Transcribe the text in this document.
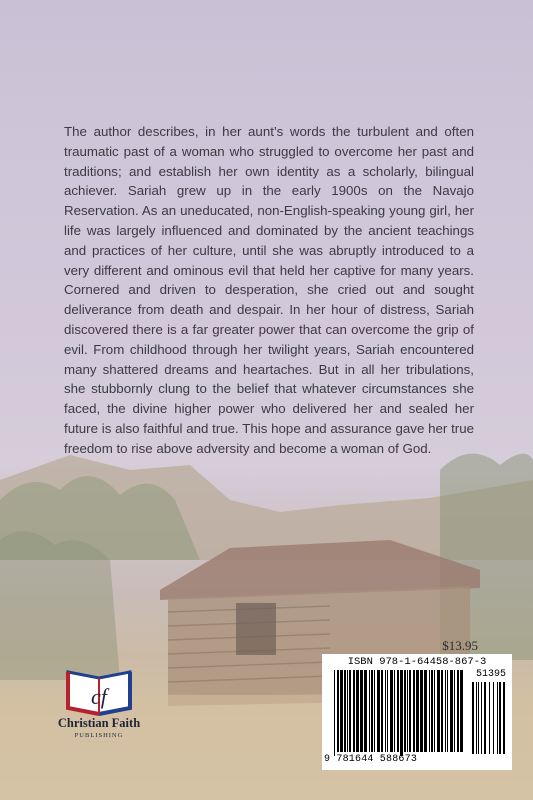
The author describes, in her aunt’s words the turbulent and often traumatic past of a woman who struggled to overcome her past and traditions; and establish her own identity as a scholarly, bilingual achiever. Sariah grew up in the early 1900s on the Navajo Reservation. As an uneducated, non-English-speaking young girl, her life was largely influenced and dominated by the ancient teachings and practices of her culture, until she was abruptly introduced to a very different and ominous evil that held her captive for many years. Cornered and driven to desperation, she cried out and sought deliverance from death and despair. In her hour of distress, Sariah discovered there is a far greater power that can overcome the grip of evil. From childhood through her twilight years, Sariah encountered many shattered dreams and heartaches. But in all her tribulations, she stubbornly clung to the belief that whatever circumstances she faced, the divine higher power who delivered her and sealed her future is also faithful and true. This hope and assurance gave her true freedom to rise above adversity and become a woman of God.

$13.95
ISBN 978-1-64458-867-3
51395
9 781644 588673
cf

Christian Faith

PUBLISHING
